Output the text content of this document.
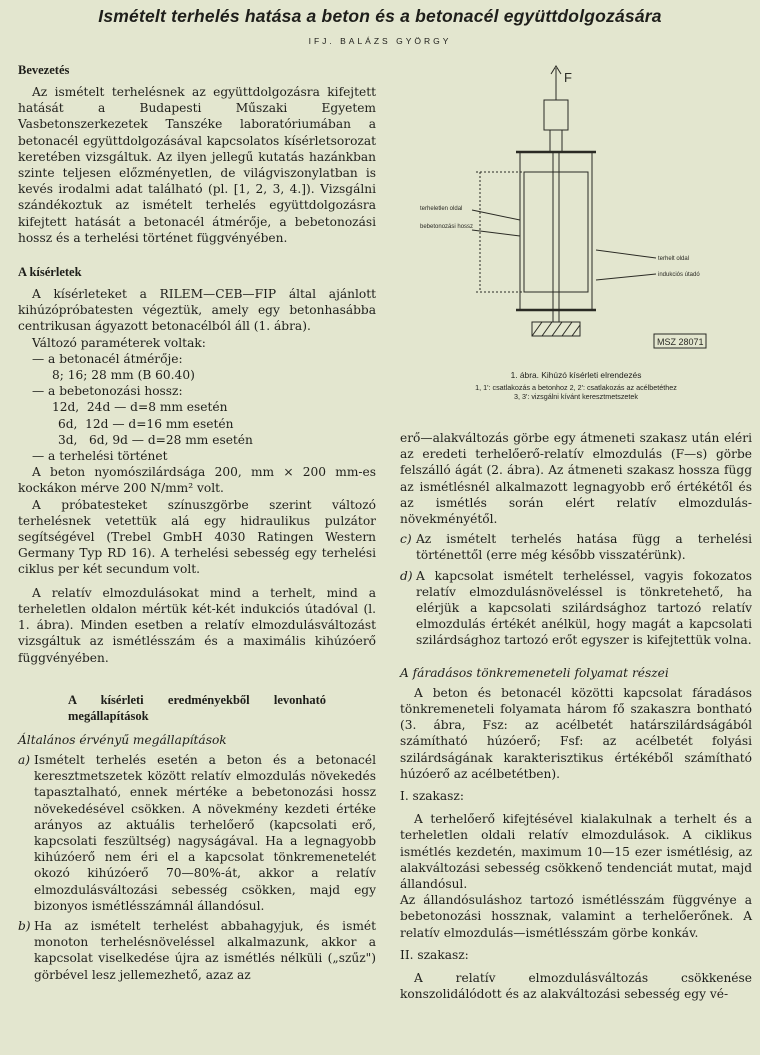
Ismételt terhelés hatása a beton és a betonacél együttdolgozására
IFJ. BALÁZS GYÖRGY

Bevezetés

Az ismételt terhelésnek az együttdolgozásra kifejtett hatását a Budapesti Műszaki Egyetem Vasbetonszerkezetek Tanszéke laboratóriumában a betonacél együttdolgozásával kapcsolatos kísérletsorozat keretében vizsgáltuk. Az ilyen jellegű kutatás hazánkban szinte teljesen előzményetlen, de világviszonylatban is kevés irodalmi adat található (pl. [1, 2, 3, 4.]). Vizsgálni szándékoztuk az ismételt terhelés együttdolgozásra kifejtett hatását a betonacél átmérője, a bebetonozási hossz és a terhelési történet függvényében.

A kísérletek

A kísérleteket a RILEM—CEB—FIP által ajánlott kihúzópróbatesten végeztük, amely egy betonhasábba centrikusan ágyazott betonacélból áll (1. ábra).

Változó paraméterek voltak:

— a betonacél átmérője:

8; 16; 28 mm (B 60.40)

— a bebetonozási hossz:

12d,  24d — d=8 mm esetén

6d,  12d — d=16 mm esetén

3d,   6d, 9d — d=28 mm esetén

— a terhelési történet

A beton nyomószilárdsága 200, mm × 200 mm-es kockákon mérve 200 N/mm² volt.

A próbatesteket színuszgörbe szerint változó terhelésnek vetettük alá egy hidraulikus pulzátor segítségével (Trebel GmbH 4030 Ratingen Western Germany Typ RD 16). A terhelési sebesség egy terhelési ciklus per két secundum volt.

A relatív elmozdulásokat mind a terhelt, mind a terheletlen oldalon mértük két-két indukciós útadóval (l. 1. ábra). Minden esetben a relatív elmozdulásváltozást vizsgáltuk az ismétlésszám és a maximális kihúzóerő függvényében.

A kísérleti eredményekből levonható megállapítások

Általános érvényű megállapítások

a) Ismételt terhelés esetén a beton és a betonacél keresztmetszetek között relatív elmozdulás növekedés tapasztalható, ennek mértéke a bebetonozási hossz növekedésével csökken. A növekmény kezdeti értéke arányos az aktuális terhelőerő (kapcsolati erő, kapcsolati feszültség) nagyságával. Ha a legnagyobb kihúzóerő nem éri el a kapcsolat tönkremenetelét okozó kihúzóerő 70—80%-át, akkor a relatív elmozdulásváltozási sebesség csökken, majd egy bizonyos ismétlésszámnál állandósul.
b) Ha az ismételt terhelést abbahagyjuk, és ismét monoton terhelésnöveléssel alkalmazunk, akkor a kapcsolat viselkedése újra az ismétlés nélküli („szűz") görbével lesz jellemezhető, azaz az
F
terheletlen oldal
bebetonozási hossz
terhelt oldal
indukciós útadó
MSZ 28071
1. ábra. Kihúzó kísérleti elrendezés
1, 1': csatlakozás a betonhoz 2, 2': csatlakozás az acélbetéthez
3, 3': vizsgálni kívánt keresztmetszetek

erő—alakváltozás görbe egy átmeneti szakasz után eléri az eredeti terhelőerő-relatív elmozdulás (F—s) görbe felszálló ágát (2. ábra). Az átmeneti szakasz hossza függ az ismétlésnél alkalmazott legnagyobb erő értékétől és az ismétlés során elért relatív elmozdulás-növekményétől.

c) Az ismételt terhelés hatása függ a terhelési történettől (erre még később visszatérünk).
d) A kapcsolat ismételt terheléssel, vagyis fokozatos relatív elmozdulásnöveléssel is tönkretehető, ha elérjük a kapcsolati szilárdsághoz tartozó relatív elmozdulás értékét anélkül, hogy magát a kapcsolati szilárdsághoz tartozó erőt egyszer is kifejtettük volna.

A fáradásos tönkremeneteli folyamat részei

A beton és betonacél közötti kapcsolat fáradásos tönkremeneteli folyamata három fő szakaszra bontható (3. ábra, Fsz: az acélbetét határszilárdságából számítható húzóerő; Fsf: az acélbetét folyási szilárdságának karakterisztikus értékéből számítható húzóerő az acélbetétben).

I. szakasz:

A terhelőerő kifejtésével kialakulnak a terhelt és a terheletlen oldali relatív elmozdulások. A ciklikus ismétlés kezdetén, maximum 10—15 ezer ismétlésig, az alakváltozási sebesség csökkenő tendenciát mutat, majd állandósul.

Az állandósuláshoz tartozó ismétlésszám függvénye a bebetonozási hossznak, valamint a terhelőerőnek. A relatív elmozdulás—ismétlésszám görbe konkáv.

II. szakasz:

A relatív elmozdulásváltozás csökkenése konszolidálódott és az alakváltozási sebesség egy vé-
